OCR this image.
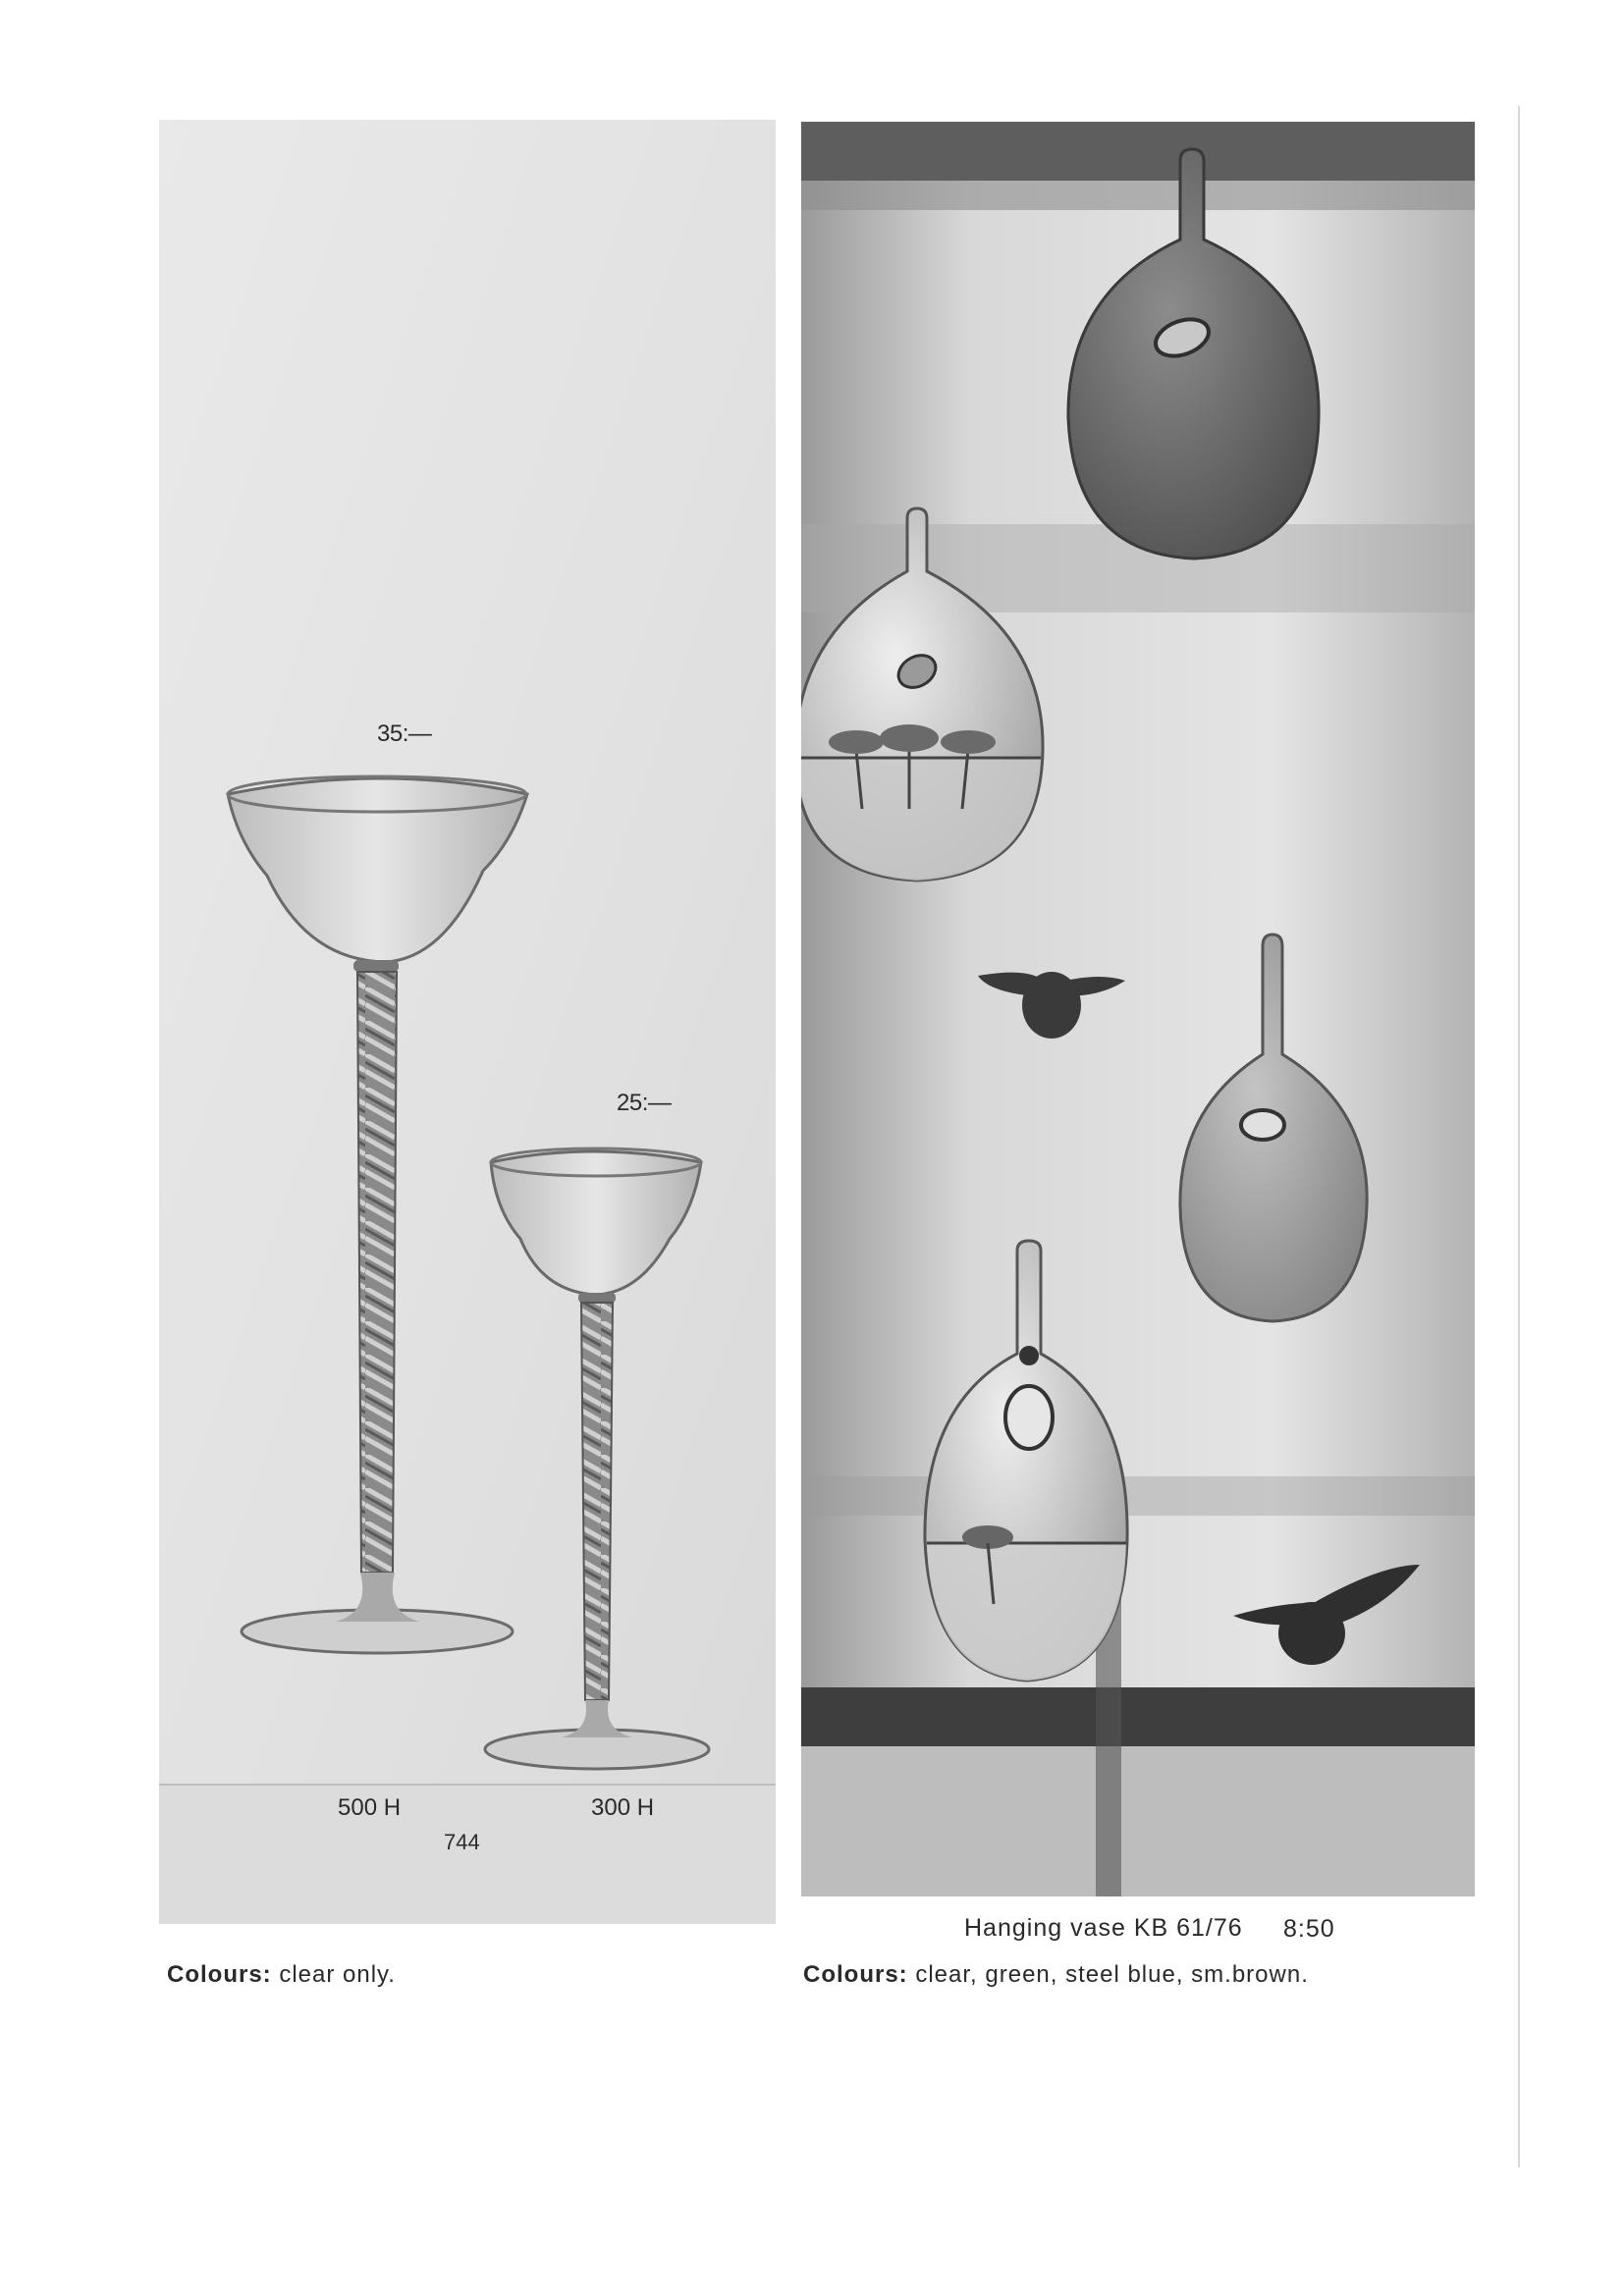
35:—
25:—
500 H	300 H
744
Hanging vase KB 61/76 8:50
Colours: clear only.	Colours: clear, green, steel blue, sm.brown.
